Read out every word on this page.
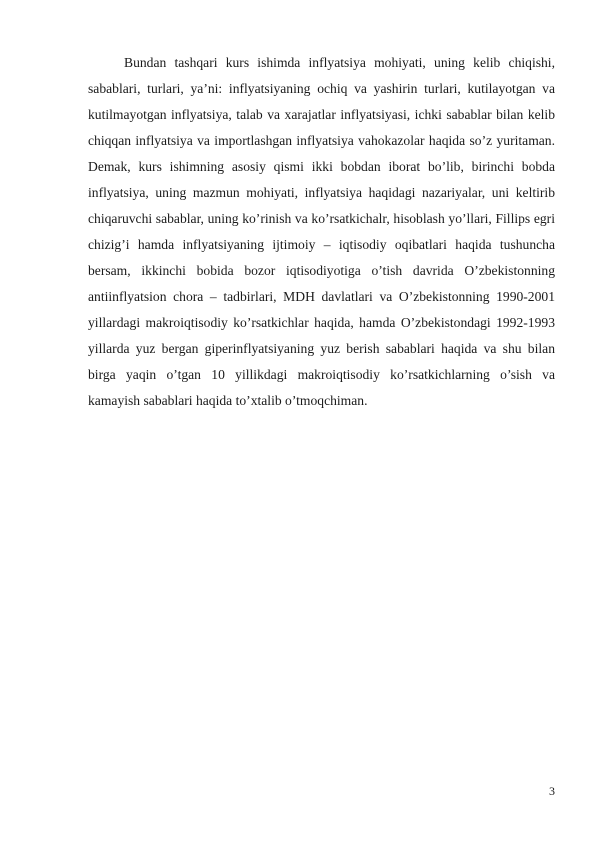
Bundan tashqari kurs ishimda inflyatsiya mohiyati, uning kelib chiqishi, sabablari, turlari, ya’ni: inflyatsiyaning ochiq va yashirin turlari, kutilayotgan va kutilmayotgan inflyatsiya, talab va xarajatlar inflyatsiyasi, ichki sabablar bilan kelib chiqqan inflyatsiya va importlashgan inflyatsiya vahokazolar haqida so’z yuritaman. Demak, kurs ishimning asosiy qismi ikki bobdan iborat bo’lib, birinchi bobda inflyatsiya, uning mazmun mohiyati, inflyatsiya haqidagi nazariyalar, uni keltirib chiqaruvchi sabablar, uning ko’rinish va ko’rsatkichalr, hisoblash yo’llari, Fillips egri chizig’i hamda inflyatsiyaning ijtimoiy – iqtisodiy oqibatlari haqida tushuncha bersam, ikkinchi bobida bozor iqtisodiyotiga o’tish davrida O’zbekistonning antiinflyatsion chora – tadbirlari, MDH davlatlari va O’zbekistonning 1990-2001 yillardagi makroiqtisodiy ko’rsatkichlar haqida, hamda O’zbekistondagi 1992-1993 yillarda yuz bergan giperinflyatsiyaning yuz berish sabablari haqida va shu bilan birga yaqin o’tgan 10 yillikdagi makroiqtisodiy ko’rsatkichlarning o’sish va kamayish sabablari haqida to’xtalib o’tmoqchiman.

3
